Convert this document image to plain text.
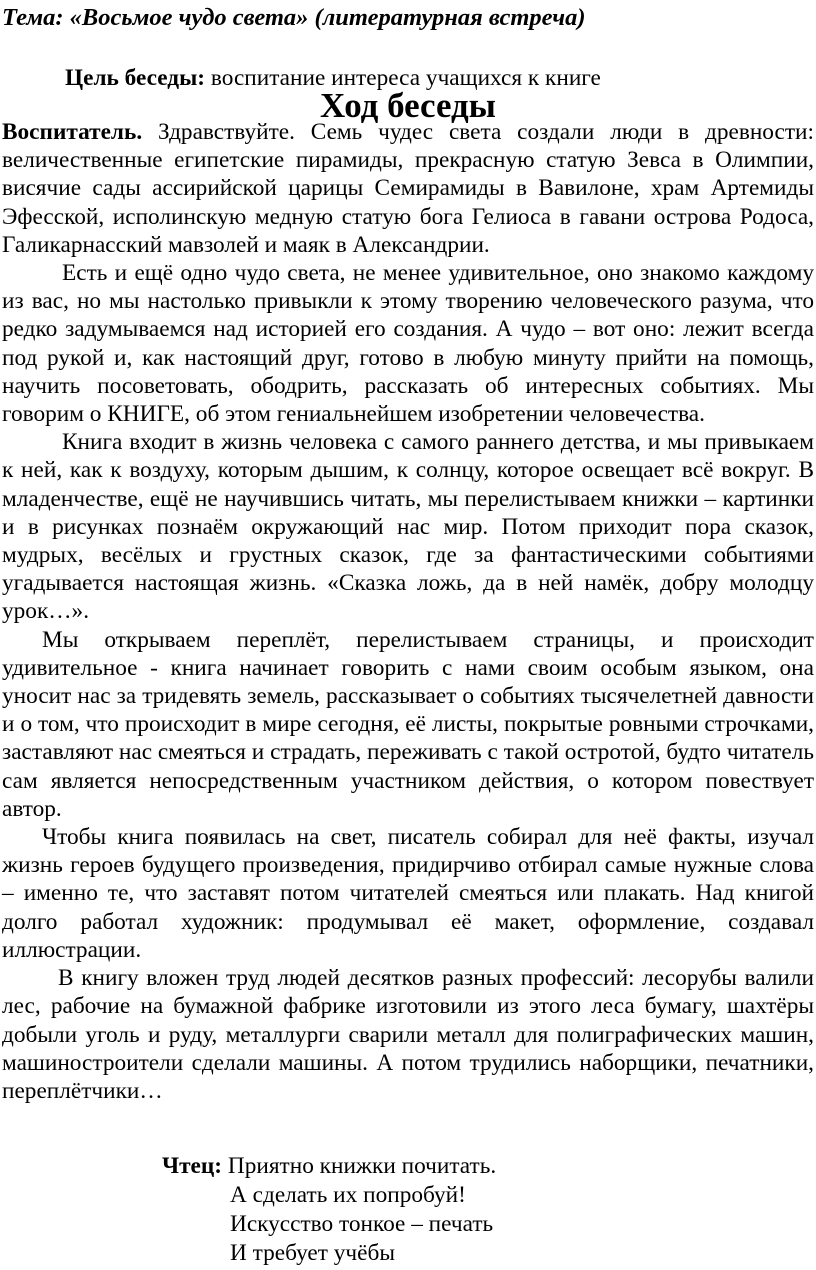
Тема: «Восьмое чудо света» (литературная встреча)

Цель беседы: воспитание интереса учащихся к книге

Ход беседы

Воспитатель. Здравствуйте. Семь чудес света создали люди в древности: величественные египетские пирамиды, прекрасную статую Зевса в Олимпии, висячие сады ассирийской царицы Семирамиды в Вавилоне, храм Артемиды Эфесской, исполинскую медную статую бога Гелиоса в гавани острова Родоса, Галикарнасский мавзолей и маяк в Александрии.

Есть и ещё одно чудо света, не менее удивительное, оно знакомо каждому из вас, но мы настолько привыкли к этому творению человеческого разума, что редко задумываемся над историей его создания. А чудо – вот оно: лежит всегда под рукой и, как настоящий друг, готово в любую минуту прийти на помощь, научить посоветовать, ободрить, рассказать об интересных событиях. Мы говорим о КНИГЕ, об этом гениальнейшем изобретении человечества.

Книга входит в жизнь человека с самого раннего детства, и мы привыкаем к ней, как к воздуху, которым дышим, к солнцу, которое освещает всё вокруг. В младенчестве, ещё не научившись читать, мы перелистываем книжки – картинки и в рисунках познаём окружающий нас мир. Потом приходит пора сказок, мудрых, весёлых и грустных сказок, где за фантастическими событиями угадывается настоящая жизнь. «Сказка ложь, да в ней намёк, добру молодцу урок…».

Мы открываем переплёт, перелистываем страницы, и происходит удивительное - книга начинает говорить с нами своим особым языком, она уносит нас за тридевять земель, рассказывает о событиях тысячелетней давности и о том, что происходит в мире сегодня, её листы, покрытые ровными строчками, заставляют нас смеяться и страдать, переживать с такой остротой, будто читатель сам является непосредственным участником действия, о котором повествует автор.

Чтобы книга появилась на свет, писатель собирал для неё факты, изучал жизнь героев будущего произведения, придирчиво отбирал самые нужные слова – именно те, что заставят потом читателей смеяться или плакать. Над книгой долго работал художник: продумывал её макет, оформление, создавал иллюстрации.

В книгу вложен труд людей десятков разных профессий: лесорубы валили лес, рабочие на бумажной фабрике изготовили из этого леса бумагу, шахтёры добыли уголь и руду, металлурги сварили металл для полиграфических машин, машиностроители сделали машины. А потом трудились наборщики, печатники, переплётчики…

Чтец: Приятно книжки почитать.
А сделать их попробуй!
Искусство тонкое – печать
И требует учёбы
